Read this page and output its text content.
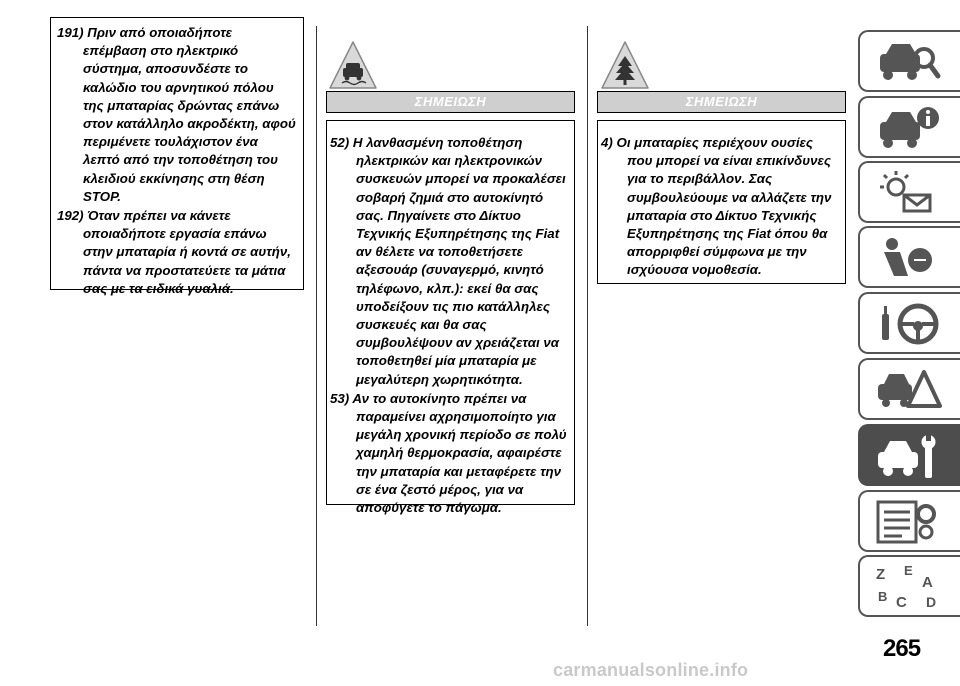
191) Πριν από οποιαδήποτε επέμβαση στο ηλεκτρικό σύστημα, αποσυνδέστε το καλώδιο του αρνητικού πόλου της μπαταρίας δρώντας επάνω στον κατάλληλο ακροδέκτη, αφού περιμένετε τουλάχιστον ένα λεπτό από την τοποθέτηση του κλειδιού εκκίνησης στη θέση STOP.

192) Όταν πρέπει να κάνετε οποιαδήποτε εργασία επάνω στην μπαταρία ή κοντά σε αυτήν, πάντα να προστατεύετε τα μάτια σας με τα ειδικά γυαλιά.

ΣΗΜΕΙΩΣΗ

52) Η λανθασμένη τοποθέτηση ηλεκτρικών και ηλεκτρονικών συσκευών μπορεί να προκαλέσει σοβαρή ζημιά στο αυτοκίνητό σας. Πηγαίνετε στο Δίκτυο Τεχνικής Εξυπηρέτησης της Fiat αν θέλετε να τοποθετήσετε αξεσουάρ (συναγερμό, κινητό τηλέφωνο, κλπ.): εκεί θα σας υποδείξουν τις πιο κατάλληλες συσκευές και θα σας συμβουλέψουν αν χρειάζεται να τοποθετηθεί μία μπαταρία με μεγαλύτερη χωρητικότητα.

53) Αν το αυτοκίνητο πρέπει να παραμείνει αχρησιμοποίητο για μεγάλη χρονική περίοδο σε πολύ χαμηλή θερμοκρασία, αφαιρέστε την μπαταρία και μεταφέρετε την σε ένα ζεστό μέρος, για να αποφύγετε το πάγωμα.

ΣΗΜΕΙΩΣΗ

4) Οι μπαταρίες περιέχουν ουσίες που μπορεί να είναι επικίνδυνες για το περιβάλλον. Σας συμβουλεύουμε να αλλάζετε την μπαταρία στο Δίκτυο Τεχνικής Εξυπηρέτησης της Fiat όπου θα απορριφθεί σύμφωνα με την ισχύουσα νομοθεσία.

Z E
A
B C D
265
carmanualsonline.info
